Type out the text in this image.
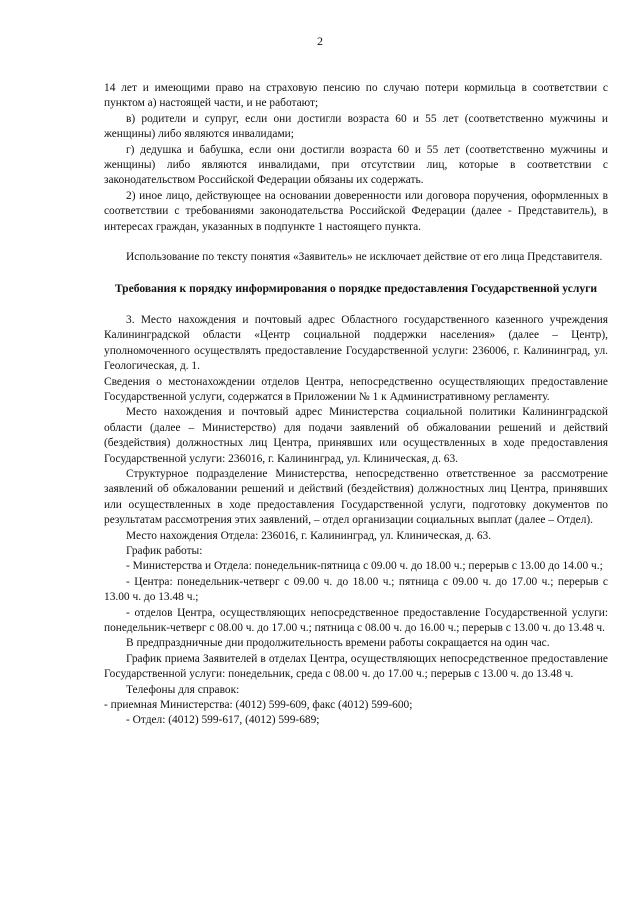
2

14 лет и имеющими право на страховую пенсию по случаю потери кормильца в соответствии с пунктом а) настоящей части, и не работают;

в) родители и супруг, если они достигли возраста 60 и 55 лет (соответственно мужчины и женщины) либо являются инвалидами;

г) дедушка и бабушка, если они достигли возраста 60 и 55 лет (соответственно мужчины и женщины) либо являются инвалидами, при отсутствии лиц, которые в соответствии с законодательством Российской Федерации обязаны их содержать.

2) иное лицо, действующее на основании доверенности или договора поручения, оформленных в соответствии с требованиями законодательства Российской Федерации (далее - Представитель), в интересах граждан, указанных в подпункте 1 настоящего пункта.

Использование по тексту понятия «Заявитель» не исключает действие от его лица Представителя.

Требования к порядку информирования о порядке предоставления Государственной услуги

3. Место нахождения и почтовый адрес Областного государственного казенного учреждения Калининградской области «Центр социальной поддержки населения» (далее – Центр), уполномоченного осуществлять предоставление Государственной услуги: 236006, г. Калининград, ул. Геологическая, д. 1.

Сведения о местонахождении отделов Центра, непосредственно осуществляющих предоставление Государственной услуги, содержатся в Приложении № 1 к Административному регламенту.

Место нахождения и почтовый адрес Министерства социальной политики Калининградской области (далее – Министерство) для подачи заявлений об обжаловании решений и действий (бездействия) должностных лиц Центра, принявших или осуществленных в ходе предоставления Государственной услуги: 236016, г. Калининград, ул. Клиническая, д. 63.

Структурное подразделение Министерства, непосредственно ответственное за рассмотрение заявлений об обжаловании решений и действий (бездействия) должностных лиц Центра, принявших или осуществленных в ходе предоставления Государственной услуги, подготовку документов по результатам рассмотрения этих заявлений, – отдел организации социальных выплат (далее – Отдел).

Место нахождения Отдела: 236016, г. Калининград, ул. Клиническая, д. 63.

График работы:

- Министерства и Отдела: понедельник-пятница с 09.00 ч. до 18.00 ч.; перерыв с 13.00 до 14.00 ч.;

- Центра: понедельник-четверг с 09.00 ч. до 18.00 ч.; пятница с 09.00 ч. до 17.00 ч.; перерыв с 13.00 ч. до 13.48 ч.;

- отделов Центра, осуществляющих непосредственное предоставление Государственной услуги: понедельник-четверг с 08.00 ч. до 17.00 ч.; пятница с 08.00 ч. до 16.00 ч.; перерыв с 13.00 ч. до 13.48 ч.

В предпраздничные дни продолжительность времени работы сокращается на один час.

График приема Заявителей в отделах Центра, осуществляющих непосредственное предоставление Государственной услуги: понедельник, среда с 08.00 ч. до 17.00 ч.; перерыв с 13.00 ч. до 13.48 ч.

Телефоны для справок:

- приемная Министерства: (4012) 599-609, факс (4012) 599-600;

- Отдел: (4012) 599-617, (4012) 599-689;
